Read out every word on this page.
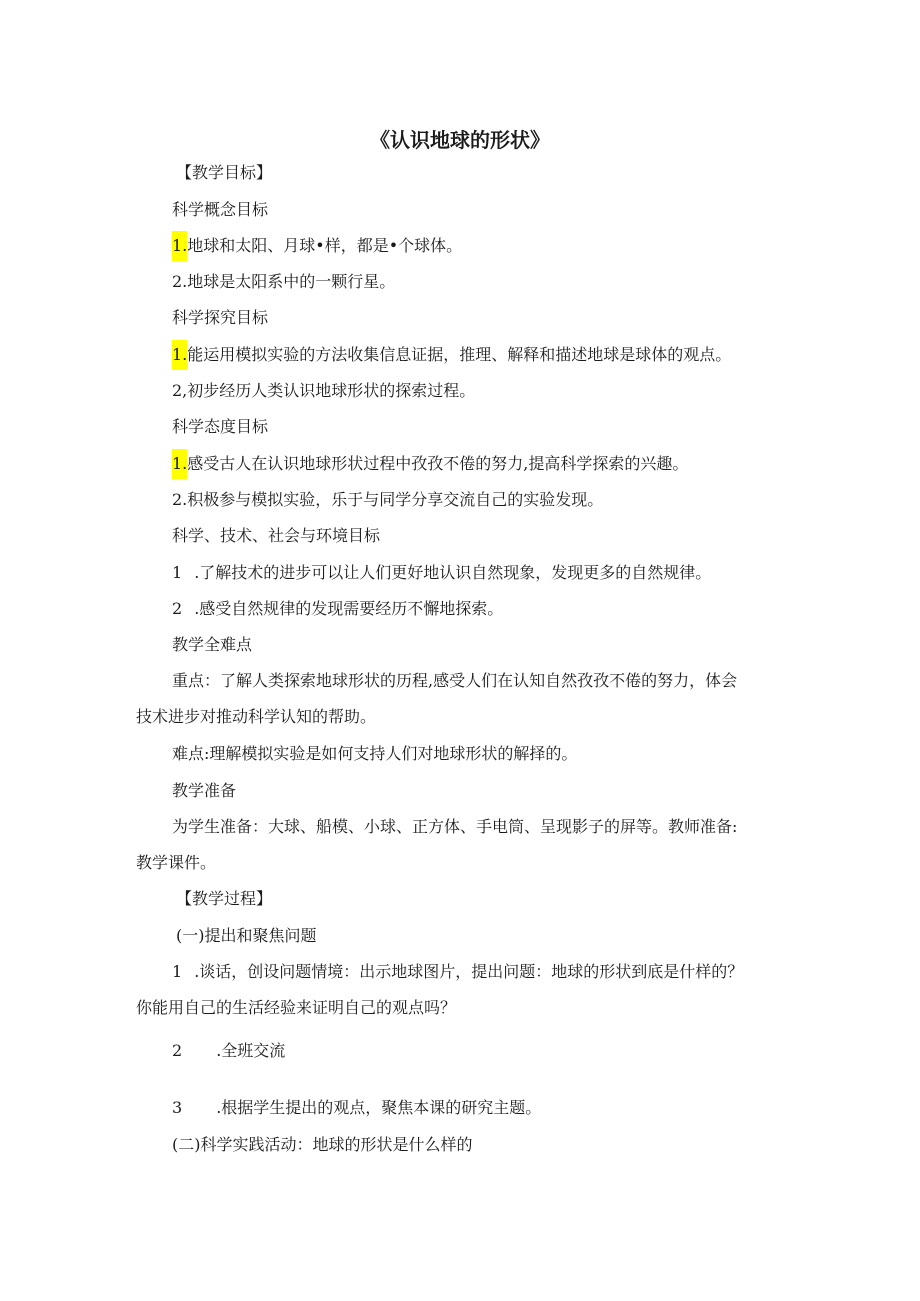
《认识地球的形状》
【教学目标】
科学概念目标
1.地球和太阳、月球•样，都是•个球体。
2.地球是太阳系中的一颗行星。
科学探究目标
1.能运用模拟实验的方法收集信息证据，推理、解释和描述地球是球体的观点。
2,初步经历人类认识地球形状的探索过程。
科学态度目标
1.感受古人在认识地球形状过程中孜孜不倦的努力,提高科学探索的兴趣。
2.积极参与模拟实验，乐于与同学分享交流自己的实验发现。
科学、技术、社会与环境目标
1 .了解技术的进步可以让人们更好地认识自然现象，发现更多的自然规律。
2 .感受自然规律的发现需要经历不懈地探索。
教学全难点
重点：了解人类探索地球形状的历程,感受人们在认知自然孜孜不倦的努力，体会
技术进步对推动科学认知的帮助。
难点:理解模拟实验是如何支持人们对地球形状的解择的。
教学准备
为学生准备：大球、船模、小球、正方体、手电筒、呈现影子的屏等。教师准备:
教学课件。
【教学过程】
(一)提出和聚焦问题
1 .谈话，创设问题情境：出示地球图片，提出问题：地球的形状到底是什样的？
你能用自己的生活经验来证明自己的观点吗？
2 .全班交流
3 .根据学生提出的观点，聚焦本课的研究主题。
(二)科学实践活动：地球的形状是什么样的
